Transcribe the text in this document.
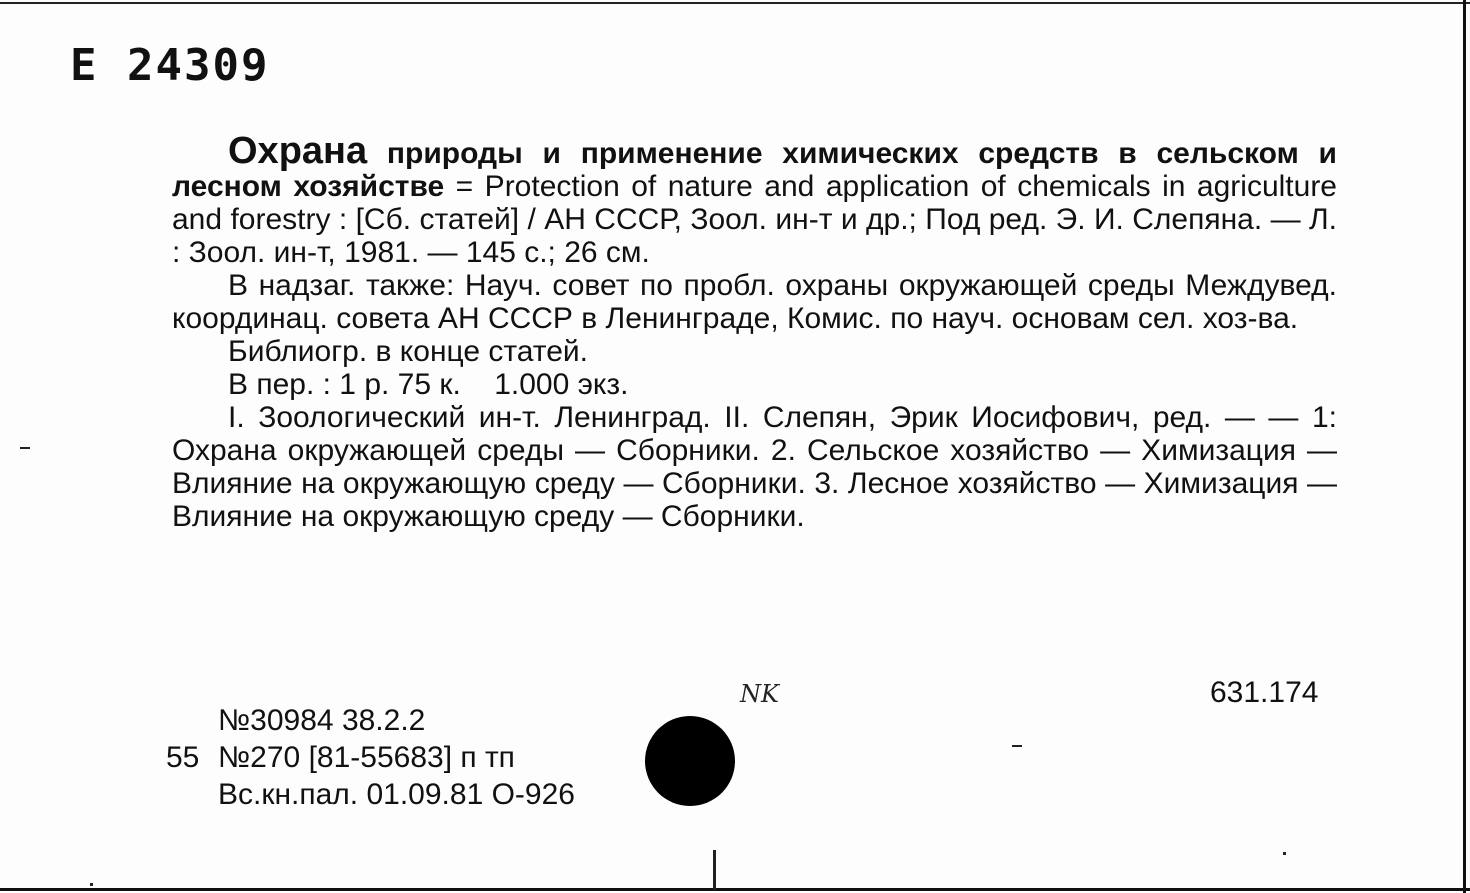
Е 24309

Охрана природы и применение химических средств в сельском и лесном хозяйстве = Protection of nature and application of chemicals in agriculture and forestry : [Сб. статей] / АН СССР, Зоол. ин-т и др.; Под ред. Э. И. Слепяна. — Л. : Зоол. ин-т, 1981. — 145 с.; 26 см.

В надзаг. также: Науч. совет по пробл. охраны окружающей среды Междувед. координац. совета АН СССР в Ленинграде, Комис. по науч. основам сел. хоз-ва.

Библиогр. в конце статей.

В пер. : 1 р. 75 к. 1.000 экз.

I. Зоологический ин-т. Ленинград. II. Слепян, Эрик Иосифович, ред. — — 1: Охрана окружающей среды — Сборники. 2. Сельское хозяйство — Химизация — Влияние на окружающую среду — Сборники. 3. Лесное хозяйство — Химизация — Влияние на окружающую среду — Сборники.

631.174
NK
№30984 38.2.2
55 №270 [81-55683] п тп
Вс.кн.пал. 01.09.81 О-926
